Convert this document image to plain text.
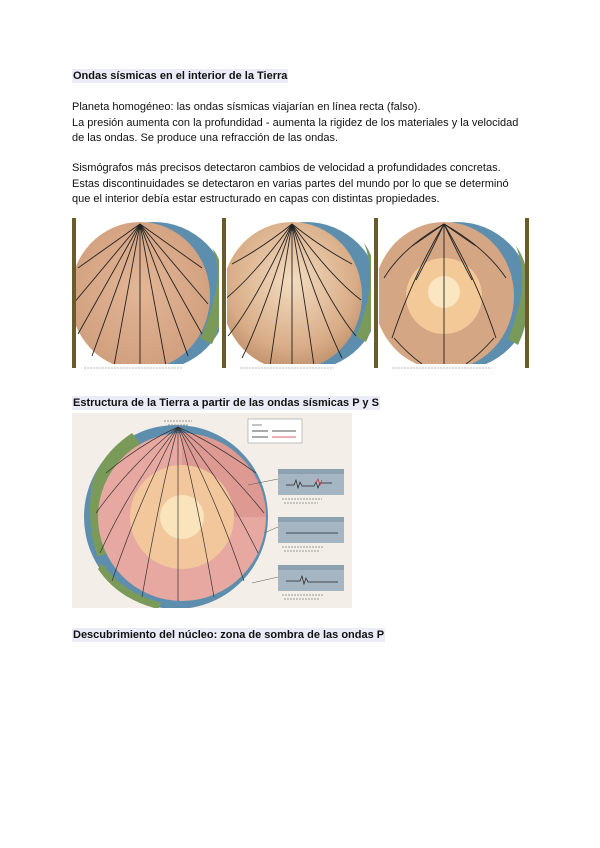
Ondas sísmicas en el interior de la Tierra
Planeta homogéneo: las ondas sísmicas viajarían en línea recta (falso).
La presión aumenta con la profundidad - aumenta la rigidez de los materiales y la velocidad
de las ondas. Se produce una refracción de las ondas.
Sismógrafos más precisos detectaron cambios de velocidad a profundidades concretas.
Estas discontinuidades se detectaron en varias partes del mundo por lo que se determinó
que el interior debía estar estructurado en capas con distintas propiedades.
Estructura de la Tierra a partir de las ondas sísmicas P y S
Descubrimiento del núcleo: zona de sombra de las ondas P
